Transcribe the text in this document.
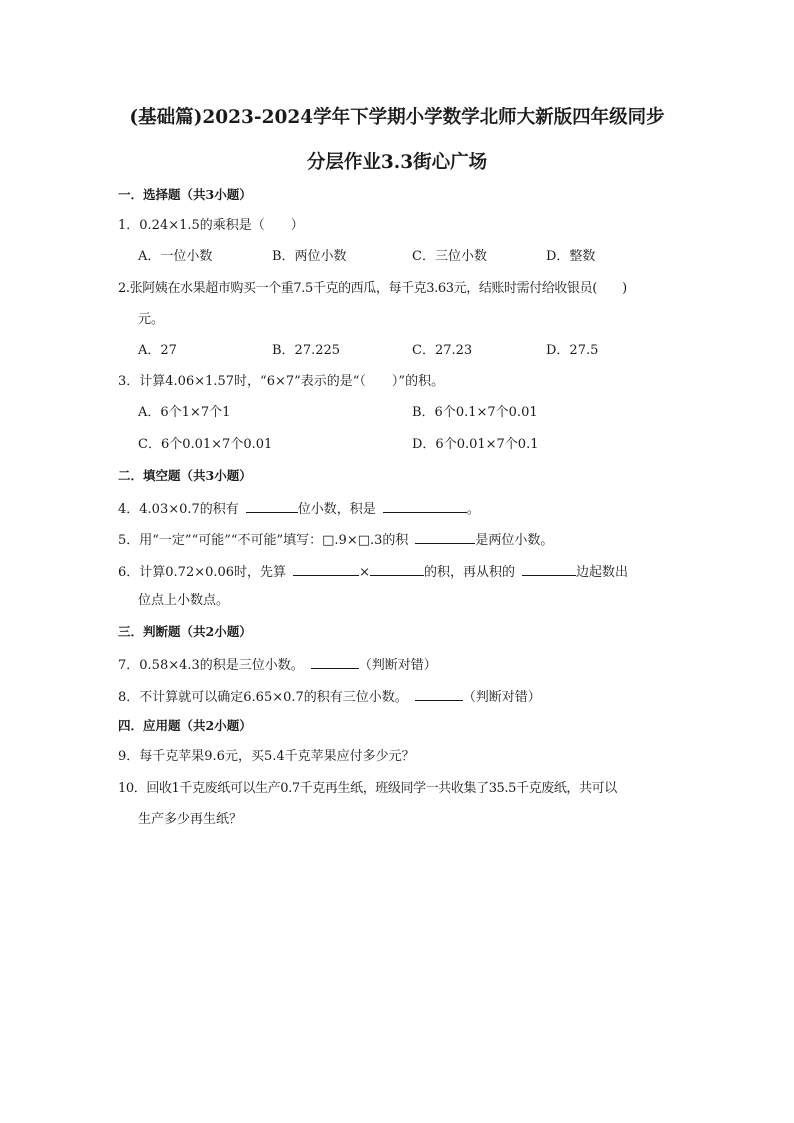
(基础篇)2023-2024学年下学期小学数学北师大新版四年级同步
分层作业3.3街心广场
一．选择题（共3小题）
1．0.24×1.5的乘积是（　　）
A．一位小数	B．两位小数	C．三位小数	D．整数
2.张阿姨在水果超市购买一个重7.5千克的西瓜，每千克3.63元，结账时需付给收银员(　　)
元。
A．27	B．27.225	C．27.23	D．27.5
3．计算4.06×1.57时，“6×7”表示的是“（　　）”的积。
A．6个1×7个1	B．6个0.1×7个0.01
C．6个0.01×7个0.01	D．6个0.01×7个0.1
二．填空题（共3小题）
4．4.03×0.7的积有	位小数，积是	。
5．用“一定”“可能”“不可能”填写：□.9×□.3的积	是两位小数。
6．计算0.72×0.06时，先算	×	的积，再从积的	边起数出
位点上小数点。
三．判断题（共2小题）
7．0.58×4.3的积是三位小数。	（判断对错）
8．不计算就可以确定6.65×0.7的积有三位小数。	（判断对错）
四．应用题（共2小题）
9．每千克苹果9.6元，买5.4千克苹果应付多少元？
10．回收1千克废纸可以生产0.7千克再生纸，班级同学一共收集了35.5千克废纸，共可以
生产多少再生纸？
